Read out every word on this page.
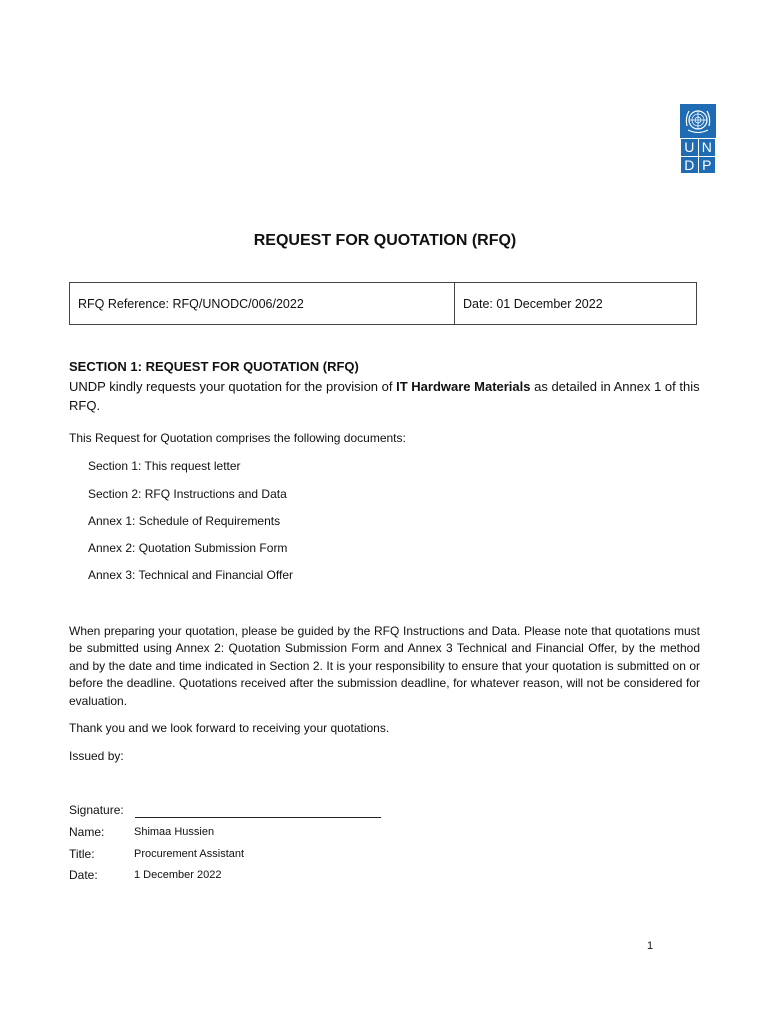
U N
D P
REQUEST FOR QUOTATION (RFQ)
RFQ Reference: RFQ/UNODC/006/2022	Date: 01 December 2022
SECTION 1: REQUEST FOR QUOTATION (RFQ)
UNDP kindly requests your quotation for the provision of IT Hardware Materials as detailed in Annex 1 of this RFQ.
This Request for Quotation comprises the following documents:
Section 1: This request letter
Section 2: RFQ Instructions and Data
Annex 1: Schedule of Requirements
Annex 2: Quotation Submission Form
Annex 3: Technical and Financial Offer
When preparing your quotation, please be guided by the RFQ Instructions and Data. Please note that quotations must be submitted using Annex 2: Quotation Submission Form and Annex 3 Technical and Financial Offer, by the method and by the date and time indicated in Section 2. It is your responsibility to ensure that your quotation is submitted on or before the deadline. Quotations received after the submission deadline, for whatever reason, will not be considered for evaluation.
Thank you and we look forward to receiving your quotations.
Issued by:
Signature:
Name:	Shimaa Hussien
Title:	Procurement Assistant
Date:	1 December 2022
1
